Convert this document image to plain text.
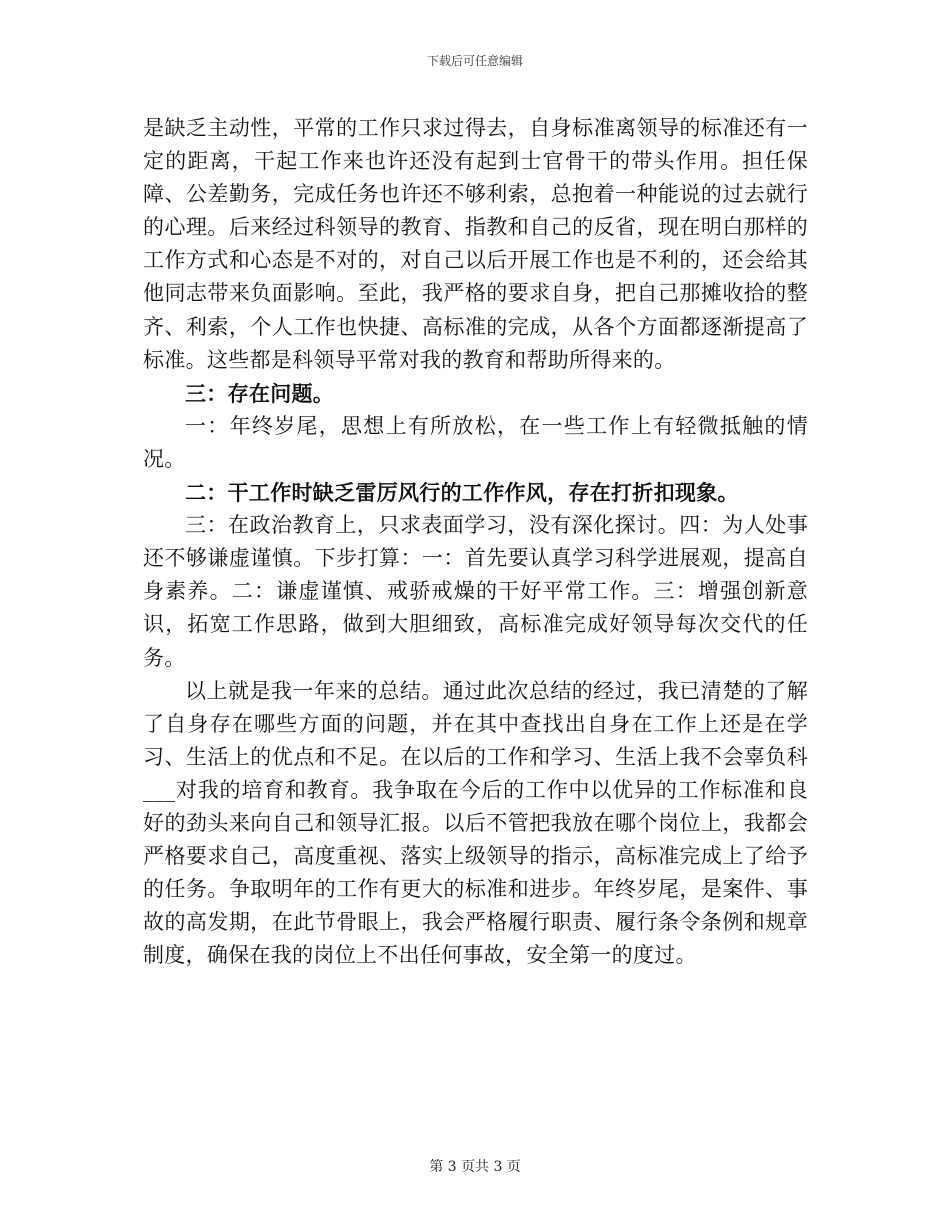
下载后可任意编辑

是缺乏主动性，平常的工作只求过得去，自身标准离领导的标准还有一定的距离，干起工作来也许还没有起到士官骨干的带头作用。担任保障、公差勤务，完成任务也许还不够利索，总抱着一种能说的过去就行的心理。后来经过科领导的教育、指教和自己的反省，现在明白那样的工作方式和心态是不对的，对自己以后开展工作也是不利的，还会给其他同志带来负面影响。至此，我严格的要求自身，把自己那摊收拾的整齐、利索，个人工作也快捷、高标准的完成，从各个方面都逐渐提高了标准。这些都是科领导平常对我的教育和帮助所得来的。

三：存在问题。

一：年终岁尾，思想上有所放松，在一些工作上有轻微抵触的情况。

二：干工作时缺乏雷厉风行的工作作风，存在打折扣现象。

三：在政治教育上，只求表面学习，没有深化探讨。四：为人处事还不够谦虚谨慎。下步打算：一：首先要认真学习科学进展观，提高自身素养。二：谦虚谨慎、戒骄戒燥的干好平常工作。三：增强创新意识，拓宽工作思路，做到大胆细致，高标准完成好领导每次交代的任务。

以上就是我一年来的总结。通过此次总结的经过，我已清楚的了解了自身存在哪些方面的问题，并在其中查找出自身在工作上还是在学习、生活上的优点和不足。在以后的工作和学习、生活上我不会辜负科___对我的培育和教育。我争取在今后的工作中以优异的工作标准和良好的劲头来向自己和领导汇报。以后不管把我放在哪个岗位上，我都会严格要求自己，高度重视、落实上级领导的指示，高标准完成上了给予的任务。争取明年的工作有更大的标准和进步。年终岁尾，是案件、事故的高发期，在此节骨眼上，我会严格履行职责、履行条令条例和规章制度，确保在我的岗位上不出任何事故，安全第一的度过。

第 3 页共 3 页
